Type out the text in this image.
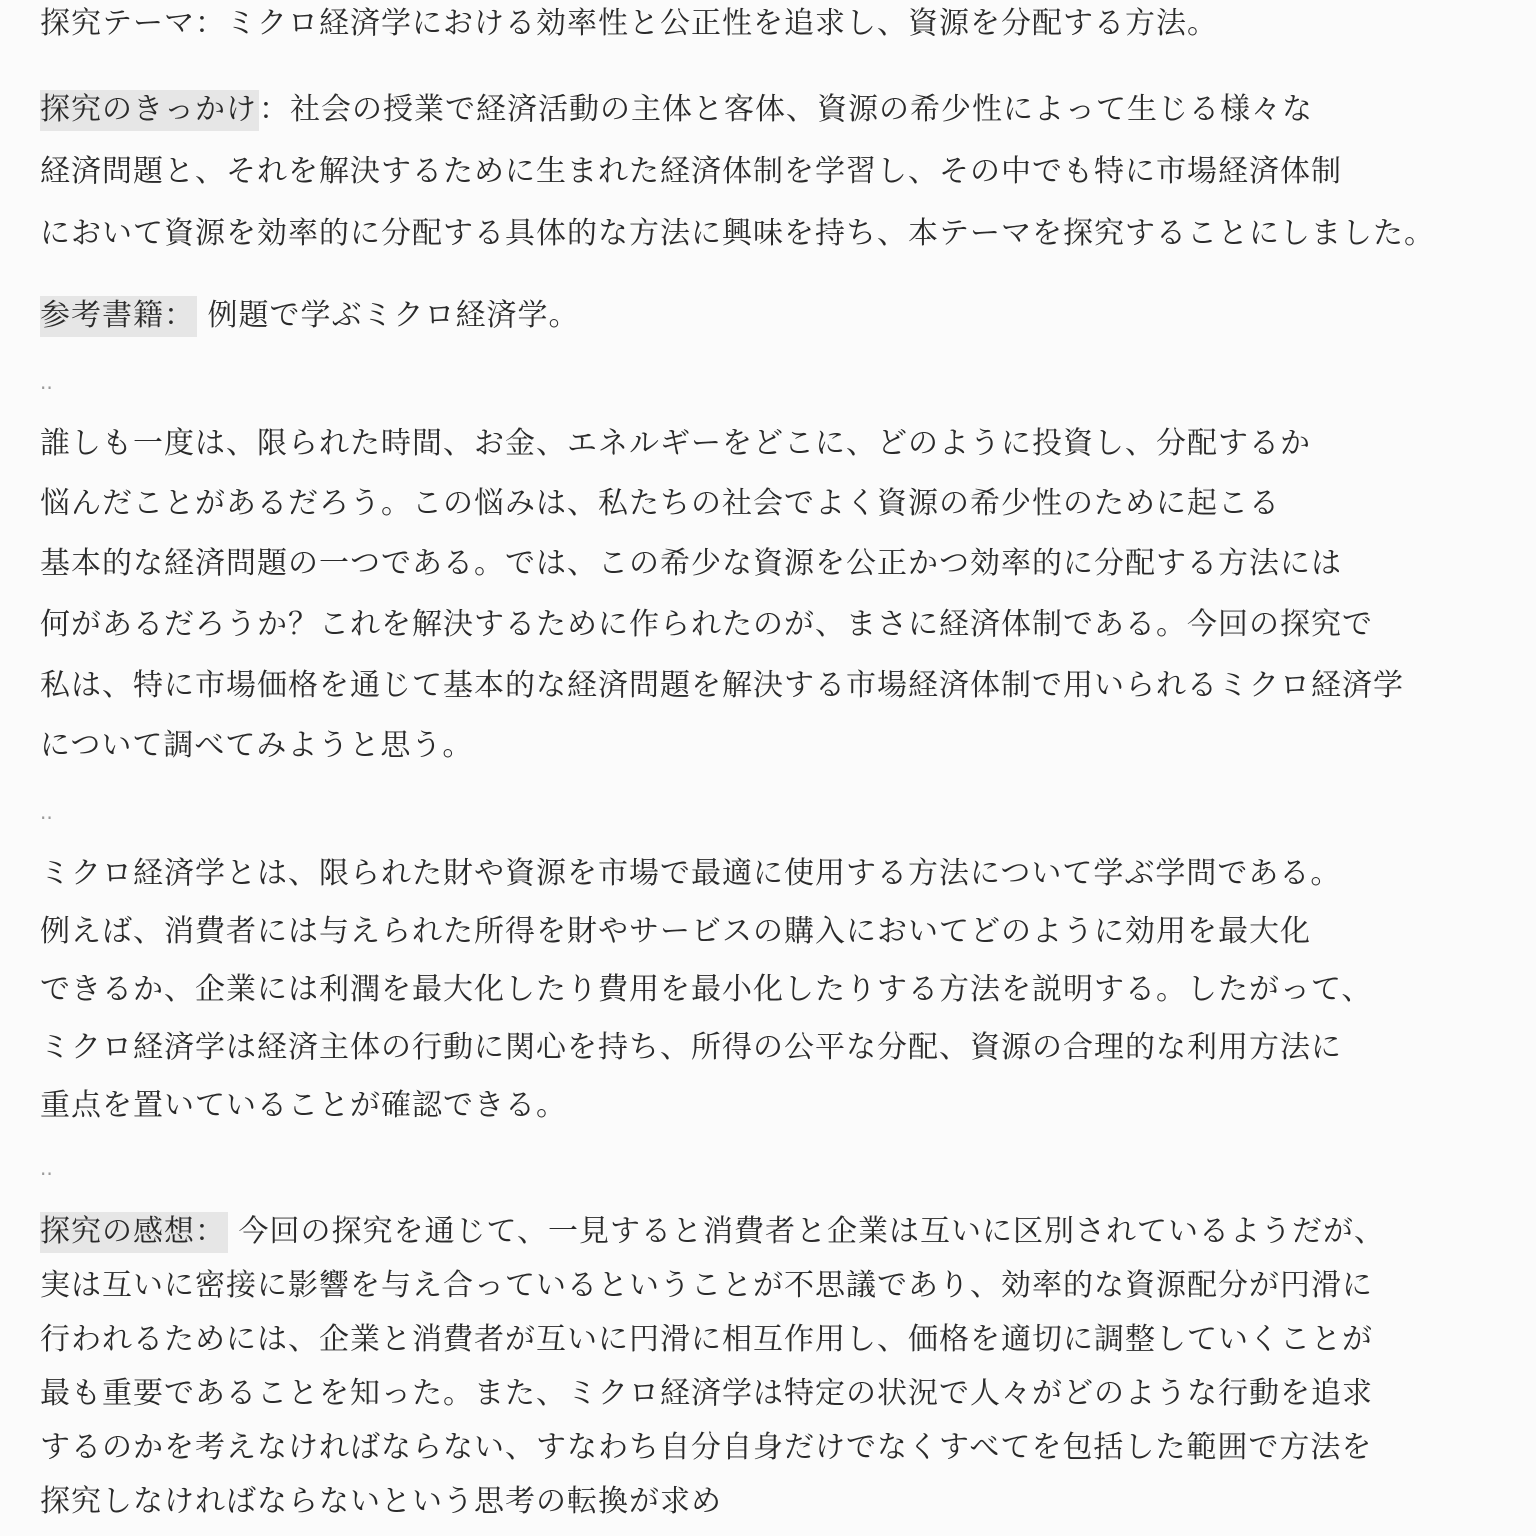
探究テーマ：ミクロ経済学における効率性と公正性を追求し、資源を分配する方法。
探究のきっかけ：社会の授業で経済活動の主体と客体、資源の希少性によって生じる様々な
経済問題と、それを解決するために生まれた経済体制を学習し、その中でも特に市場経済体制
において資源を効率的に分配する具体的な方法に興味を持ち、本テーマを探究することにしました。
参考書籍： 例題で学ぶミクロ経済学。
..
誰しも一度は、限られた時間、お金、エネルギーをどこに、どのように投資し、分配するか
悩んだことがあるだろう。この悩みは、私たちの社会でよく資源の希少性のために起こる
基本的な経済問題の一つである。では、この希少な資源を公正かつ効率的に分配する方法には
何があるだろうか？これを解決するために作られたのが、まさに経済体制である。今回の探究で
私は、特に市場価格を通じて基本的な経済問題を解決する市場経済体制で用いられるミクロ経済学
について調べてみようと思う。
..
ミクロ経済学とは、限られた財や資源を市場で最適に使用する方法について学ぶ学問である。
例えば、消費者には与えられた所得を財やサービスの購入においてどのように効用を最大化
できるか、企業には利潤を最大化したり費用を最小化したりする方法を説明する。したがって、
ミクロ経済学は経済主体の行動に関心を持ち、所得の公平な分配、資源の合理的な利用方法に
重点を置いていることが確認できる。
..
探究の感想： 今回の探究を通じて、一見すると消費者と企業は互いに区別されているようだが、
実は互いに密接に影響を与え合っているということが不思議であり、効率的な資源配分が円滑に
行われるためには、企業と消費者が互いに円滑に相互作用し、価格を適切に調整していくことが
最も重要であることを知った。また、ミクロ経済学は特定の状況で人々がどのような行動を追求
するのかを考えなければならない、すなわち自分自身だけでなくすべてを包括した範囲で方法を
探究しなければならないという思考の転換が求め
